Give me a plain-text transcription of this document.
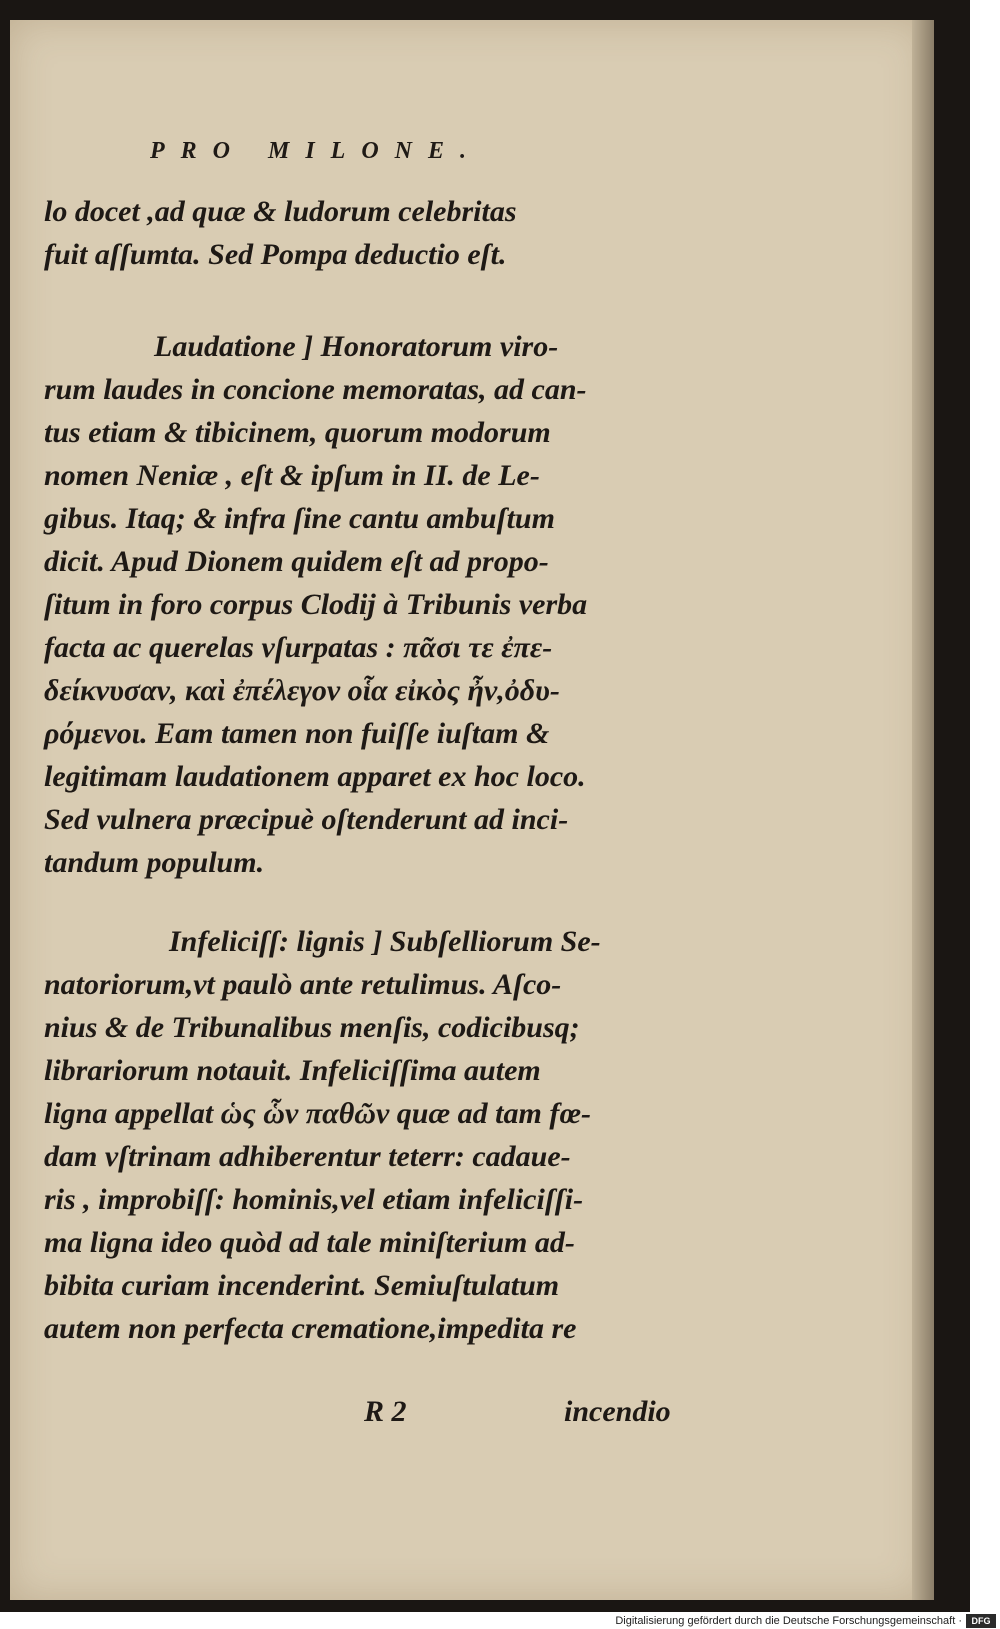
PRO MILONE.
lo docet ,ad quæ & ludorum celebritas
fuit aſſumta. Sed Pompa deductio eſt.
Laudatione ] Honoratorum viro-
rum laudes in concione memoratas, ad can-
tus etiam & tibicinem, quorum modorum
nomen Neniæ , eſt & ipſum in II. de Le-
gibus. Itaq; & infra ſine cantu ambuſtum
dicit. Apud Dionem quidem eſt ad propo-
ſitum in foro corpus Clodij à Tribunis verba
facta ac querelas vſurpatas : πᾶσι τε ἐπε-
δείκνυσαν, καὶ ἐπέλεγον οἷα εἰκὸς ἦν,ὀδυ-
ρόμενοι. Eam tamen non fuiſſe iuſtam &
legitimam laudationem apparet ex hoc loco.
Sed vulnera præcipuè oſtenderunt ad inci-
tandum populum.
Infeliciſſ: lignis ] Subſelliorum Se-
natoriorum,vt paulò ante retulimus. Aſco-
nius & de Tribunalibus menſis, codicibusq;
librariorum notauit. Infeliciſſima autem
ligna appellat ὡς ὧν παθῶν quæ ad tam fœ-
dam vſtrinam adhiberentur teterr: cadaue-
ris , improbiſſ: hominis,vel etiam infeliciſſi-
ma ligna ideo quòd ad tale miniſterium ad-
bibita curiam incenderint. Semiuſtulatum
autem non perfecta crematione,impedita re
R 2	incendio
Digitalisierung gefördert durch die Deutsche Forschungsgemeinschaft ·	DFG
